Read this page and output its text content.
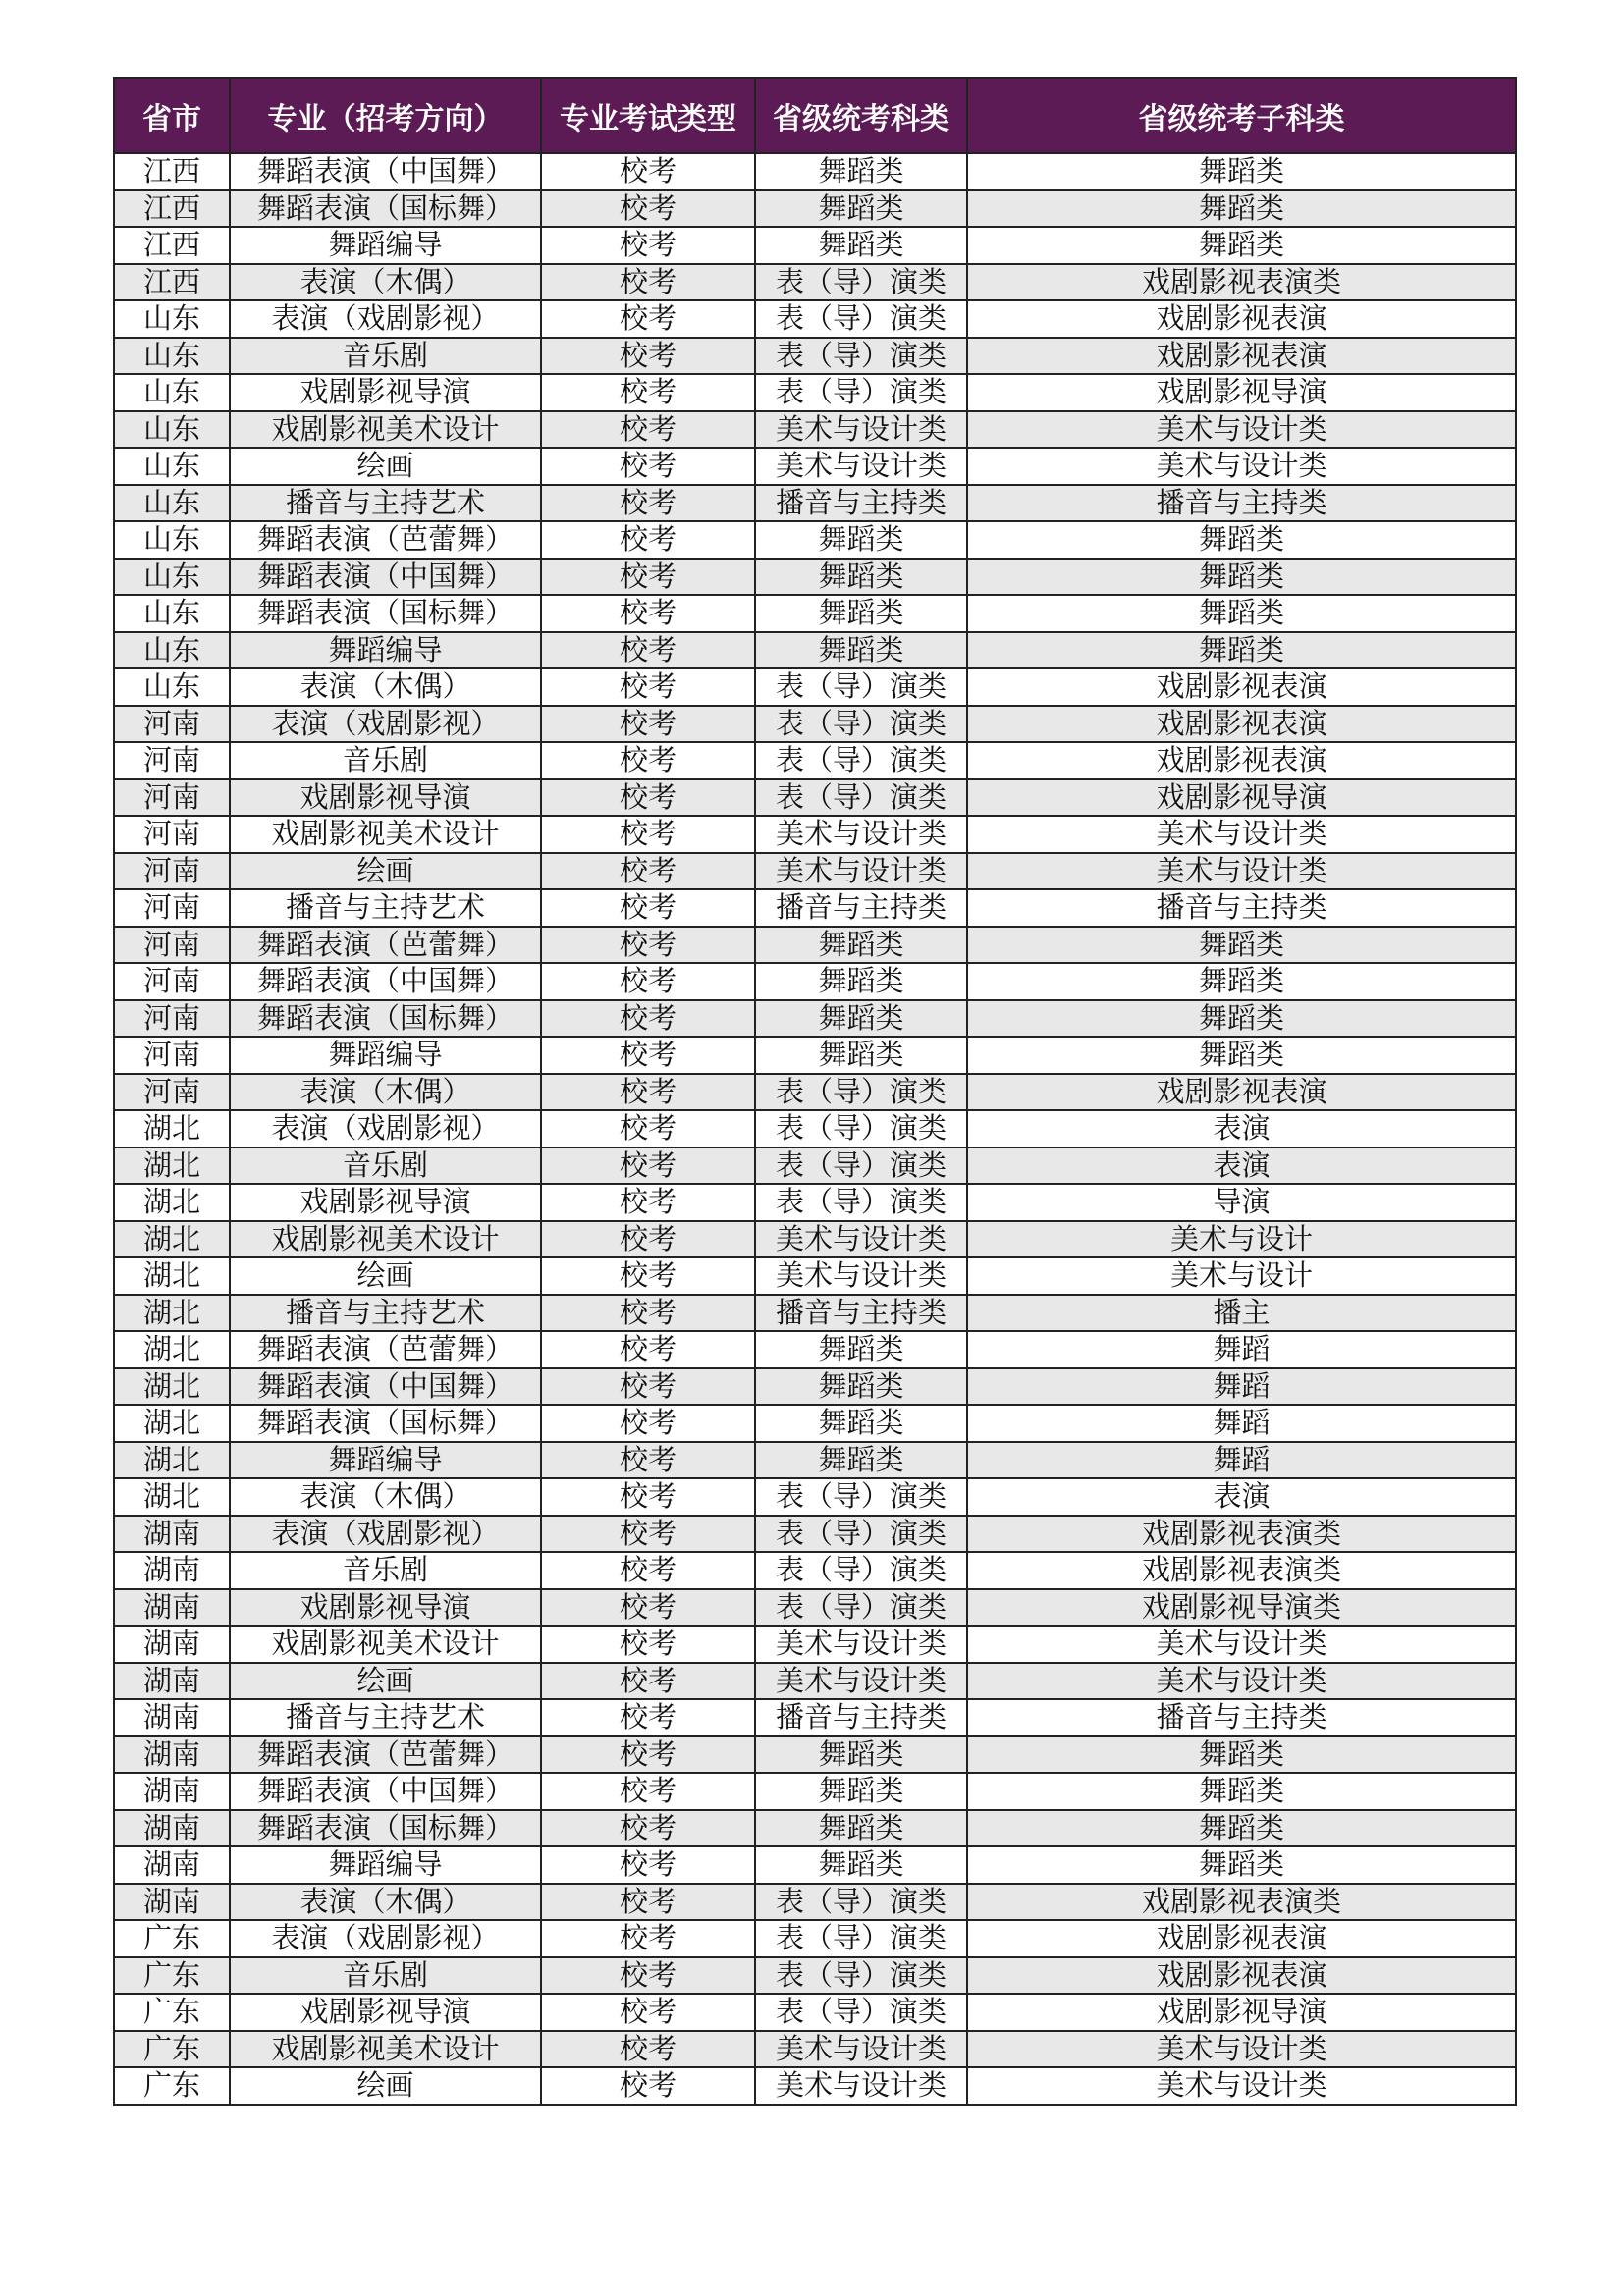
省市	专业（招考方向）	专业考试类型	省级统考科类	省级统考子科类
江西	舞蹈表演（中国舞）	校考	舞蹈类	舞蹈类
江西	舞蹈表演（国标舞）	校考	舞蹈类	舞蹈类
江西	舞蹈编导	校考	舞蹈类	舞蹈类
江西	表演（木偶）	校考	表（导）演类	戏剧影视表演类
山东	表演（戏剧影视）	校考	表（导）演类	戏剧影视表演
山东	音乐剧	校考	表（导）演类	戏剧影视表演
山东	戏剧影视导演	校考	表（导）演类	戏剧影视导演
山东	戏剧影视美术设计	校考	美术与设计类	美术与设计类
山东	绘画	校考	美术与设计类	美术与设计类
山东	播音与主持艺术	校考	播音与主持类	播音与主持类
山东	舞蹈表演（芭蕾舞）	校考	舞蹈类	舞蹈类
山东	舞蹈表演（中国舞）	校考	舞蹈类	舞蹈类
山东	舞蹈表演（国标舞）	校考	舞蹈类	舞蹈类
山东	舞蹈编导	校考	舞蹈类	舞蹈类
山东	表演（木偶）	校考	表（导）演类	戏剧影视表演
河南	表演（戏剧影视）	校考	表（导）演类	戏剧影视表演
河南	音乐剧	校考	表（导）演类	戏剧影视表演
河南	戏剧影视导演	校考	表（导）演类	戏剧影视导演
河南	戏剧影视美术设计	校考	美术与设计类	美术与设计类
河南	绘画	校考	美术与设计类	美术与设计类
河南	播音与主持艺术	校考	播音与主持类	播音与主持类
河南	舞蹈表演（芭蕾舞）	校考	舞蹈类	舞蹈类
河南	舞蹈表演（中国舞）	校考	舞蹈类	舞蹈类
河南	舞蹈表演（国标舞）	校考	舞蹈类	舞蹈类
河南	舞蹈编导	校考	舞蹈类	舞蹈类
河南	表演（木偶）	校考	表（导）演类	戏剧影视表演
湖北	表演（戏剧影视）	校考	表（导）演类	表演
湖北	音乐剧	校考	表（导）演类	表演
湖北	戏剧影视导演	校考	表（导）演类	导演
湖北	戏剧影视美术设计	校考	美术与设计类	美术与设计
湖北	绘画	校考	美术与设计类	美术与设计
湖北	播音与主持艺术	校考	播音与主持类	播主
湖北	舞蹈表演（芭蕾舞）	校考	舞蹈类	舞蹈
湖北	舞蹈表演（中国舞）	校考	舞蹈类	舞蹈
湖北	舞蹈表演（国标舞）	校考	舞蹈类	舞蹈
湖北	舞蹈编导	校考	舞蹈类	舞蹈
湖北	表演（木偶）	校考	表（导）演类	表演
湖南	表演（戏剧影视）	校考	表（导）演类	戏剧影视表演类
湖南	音乐剧	校考	表（导）演类	戏剧影视表演类
湖南	戏剧影视导演	校考	表（导）演类	戏剧影视导演类
湖南	戏剧影视美术设计	校考	美术与设计类	美术与设计类
湖南	绘画	校考	美术与设计类	美术与设计类
湖南	播音与主持艺术	校考	播音与主持类	播音与主持类
湖南	舞蹈表演（芭蕾舞）	校考	舞蹈类	舞蹈类
湖南	舞蹈表演（中国舞）	校考	舞蹈类	舞蹈类
湖南	舞蹈表演（国标舞）	校考	舞蹈类	舞蹈类
湖南	舞蹈编导	校考	舞蹈类	舞蹈类
湖南	表演（木偶）	校考	表（导）演类	戏剧影视表演类
广东	表演（戏剧影视）	校考	表（导）演类	戏剧影视表演
广东	音乐剧	校考	表（导）演类	戏剧影视表演
广东	戏剧影视导演	校考	表（导）演类	戏剧影视导演
广东	戏剧影视美术设计	校考	美术与设计类	美术与设计类
广东	绘画	校考	美术与设计类	美术与设计类
